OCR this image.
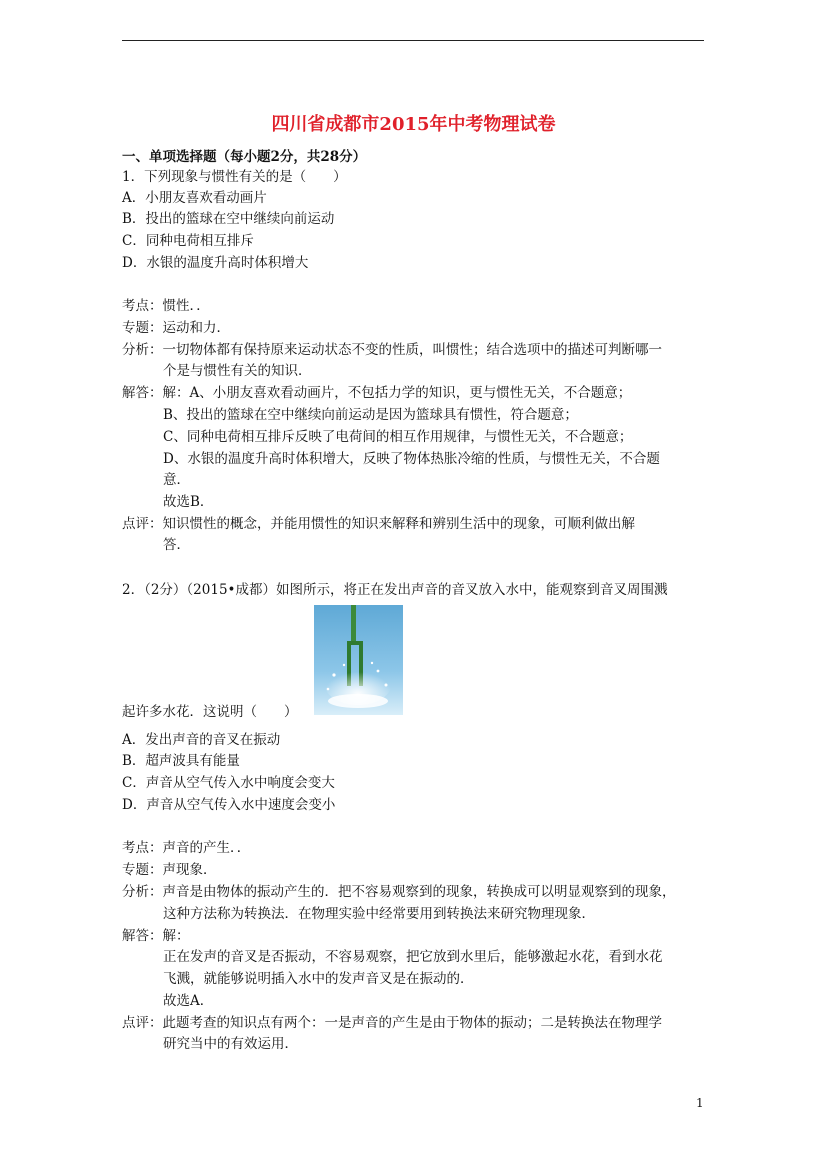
四川省成都市2015年中考物理试卷
一、单项选择题（每小题2分，共28分）
1．下列现象与惯性有关的是（　　）
A．小朋友喜欢看动画片
B．投出的篮球在空中继续向前运动
C．同种电荷相互排斥
D．水银的温度升高时体积增大
考点：惯性．．
专题：运动和力．
分析：一切物体都有保持原来运动状态不变的性质，叫惯性；结合选项中的描述可判断哪一
个是与惯性有关的知识．
解答：解：A、小朋友喜欢看动画片，不包括力学的知识，更与惯性无关，不合题意；
B、投出的篮球在空中继续向前运动是因为篮球具有惯性，符合题意；
C、同种电荷相互排斥反映了电荷间的相互作用规律，与惯性无关，不合题意；
D、水银的温度升高时体积增大，反映了物体热胀冷缩的性质，与惯性无关，不合题
意．
故选B．
点评：知识惯性的概念，并能用惯性的知识来解释和辨别生活中的现象，可顺利做出解
答．
2．（2分）（2015•成都）如图所示，将正在发出声音的音叉放入水中，能观察到音叉周围溅
起许多水花．这说明（　　）
A．发出声音的音叉在振动
B．超声波具有能量
C．声音从空气传入水中响度会变大
D．声音从空气传入水中速度会变小
考点：声音的产生．．
专题：声现象．
分析：声音是由物体的振动产生的．把不容易观察到的现象，转换成可以明显观察到的现象，
这种方法称为转换法．在物理实验中经常要用到转换法来研究物理现象．
解答：解：
正在发声的音叉是否振动，不容易观察，把它放到水里后，能够激起水花，看到水花
飞溅，就能够说明插入水中的发声音叉是在振动的．
故选A．
点评：此题考查的知识点有两个：一是声音的产生是由于物体的振动；二是转换法在物理学
研究当中的有效运用．
1
